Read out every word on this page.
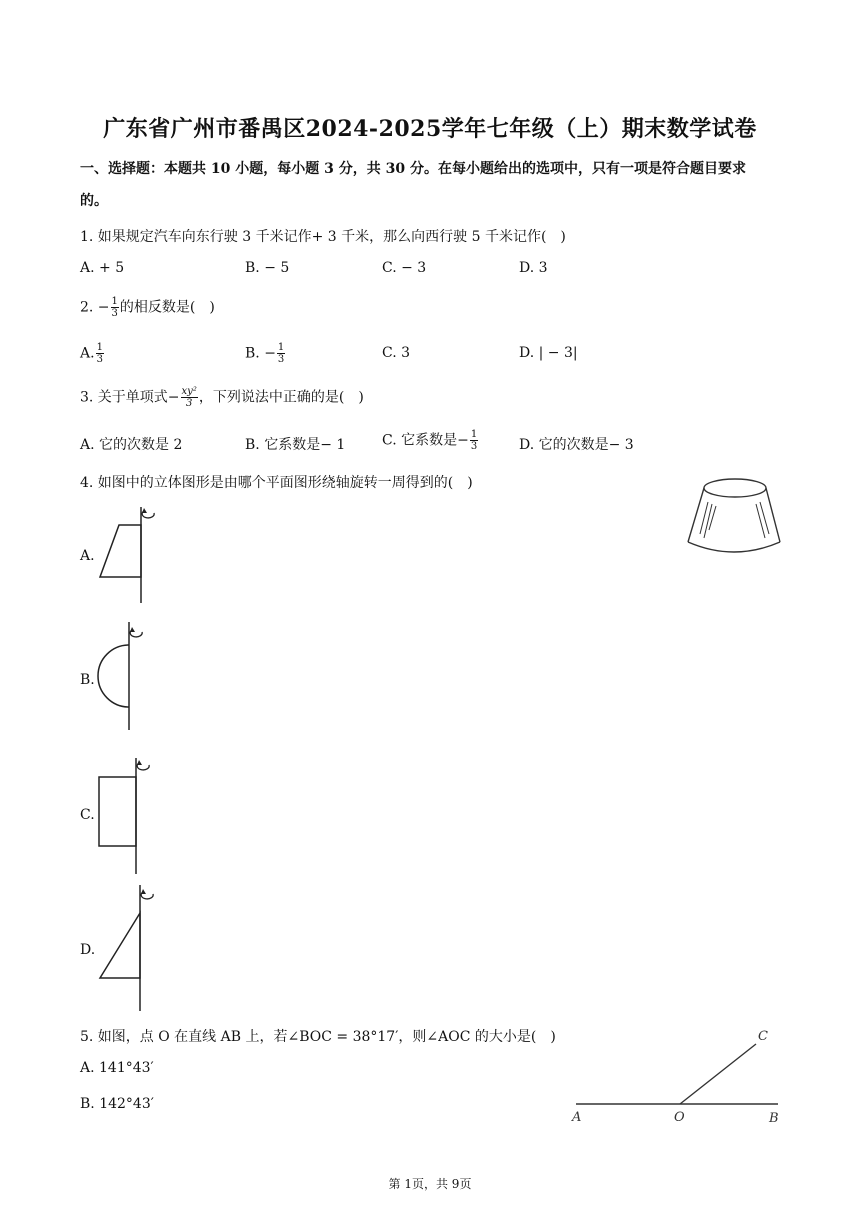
广东省广州市番禺区2024-2025学年七年级（上）期末数学试卷
一、选择题：本题共 10 小题，每小题 3 分，共 30 分。在每小题给出的选项中，只有一项是符合题目要求
的。
1. 如果规定汽车向东行驶 3 千米记作+ 3 千米，那么向西行驶 5 千米记作(　)
A. + 5	B. − 5	C. − 3	D. 3
2. − $\frac{1}{3}$ 的相反数是(　)
A. $\frac{1}{3}$	B. − $\frac{1}{3}$	C. 3	D. | − 3|
3. 关于单项式− $\frac{\text{xy²}}{3}$ ，下列说法中正确的是(　)
A. 它的次数是 2	B. 它系数是− 1	C. 它系数是− $\frac{1}{3}$	D. 它的次数是− 3
4. 如图中的立体图形是由哪个平面图形绕轴旋转一周得到的(　)
A.
B.
C.
D.
5. 如图，点 O 在直线 AB 上，若∠BOC = 38°17′，则∠AOC 的大小是(　)
A. 141°43′
B. 142°43′
A	O	B
C
第 1页，共 9页
